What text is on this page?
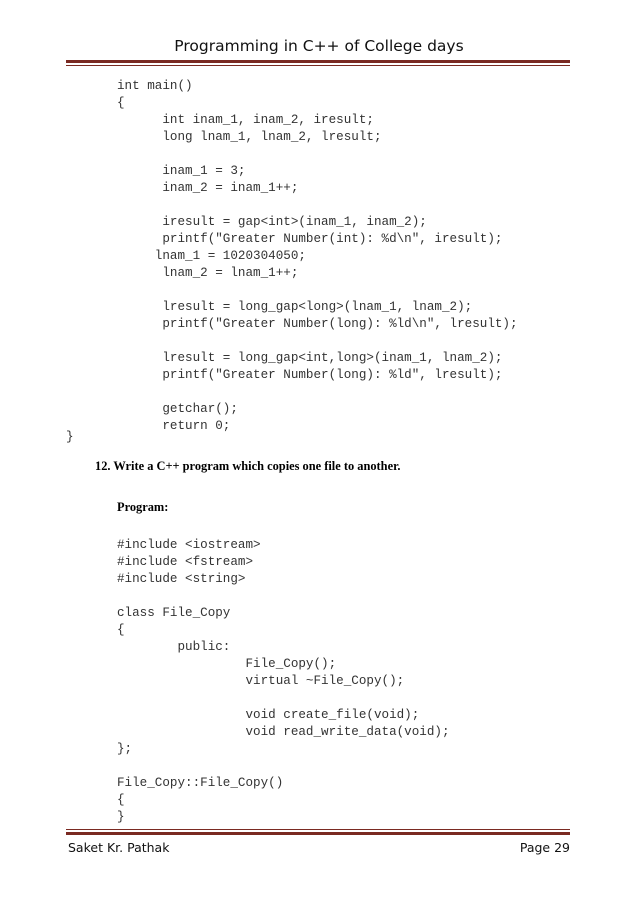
Programming in C++ of College days
int main()
{
int inam_1, inam_2, iresult;
long lnam_1, lnam_2, lresult;

inam_1 = 3;
inam_2 = inam_1++;

iresult = gap<int>(inam_1, inam_2);
printf("Greater Number(int): %d\n", iresult);
lnam_1 = 1020304050;
lnam_2 = lnam_1++;

lresult = long_gap<long>(lnam_1, lnam_2);
printf("Greater Number(long): %ld\n", lresult);

lresult = long_gap<int,long>(inam_1, lnam_2);
printf("Greater Number(long): %ld", lresult);

getchar();
return 0;
}

12. Write a C++ program which copies one file to another.

Program:

#include <iostream>
#include <fstream>
#include <string>

class File_Copy
{
public:
File_Copy();
virtual ~File_Copy();

void create_file(void);
void read_write_data(void);
};

File_Copy::File_Copy()
{
}
Saket Kr. Pathak	Page 29
